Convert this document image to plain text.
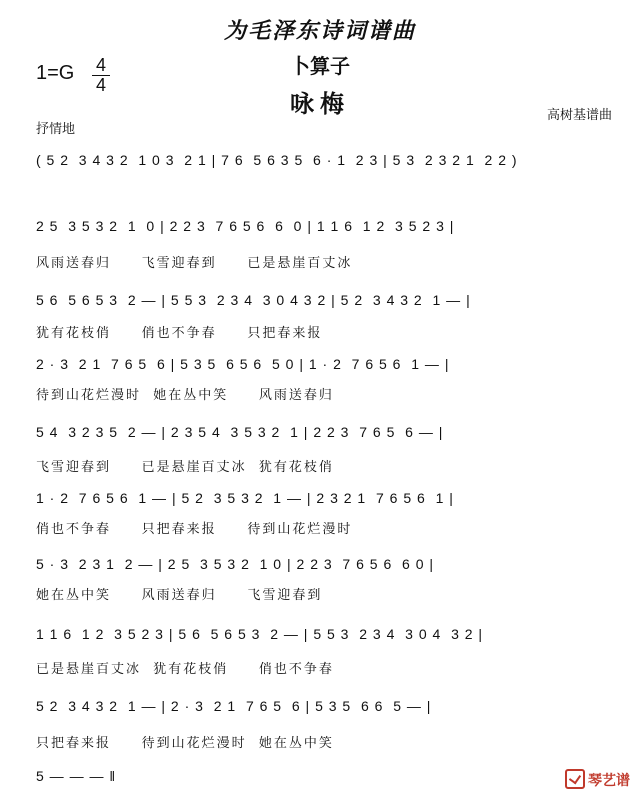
为毛泽东诗词谱曲
卜算子
咏梅
$1=G \frac{4}{4}$
高树基谱曲
抒情地
( 5 2  3 4 3 2  1 0 3  2 1 | 7 6  5 6 3 5  6 · 1  2 3 | 5 3  2 3 2 1  2 2 )
2 5  3 5 3 2  1  0 | 2 2 3  7 6 5 6  6  0 | 1 1 6  1 2  3 5 2 3 |
风雨送春归     飞雪迎春到     已是悬崖百丈冰
5 6  5 6 5 3  2 — | 5 5 3  2 3 4  3 0 4 3 2 | 5 2  3 4 3 2  1 — |
犹有花枝俏     俏也不争春     只把春来报
2 · 3  2 1  7 6 5  6 | 5 3 5  6 5 6  5 0 | 1 · 2  7 6 5 6  1 — |
待到山花烂漫时  她在丛中笑     风雨送春归
5 4  3 2 3 5  2 — | 2 3 5 4  3 5 3 2  1 | 2 2 3  7 6 5  6 — |
飞雪迎春到     已是悬崖百丈冰  犹有花枝俏
1 · 2  7 6 5 6  1 — | 5 2  3 5 3 2  1 — | 2 3 2 1  7 6 5 6  1 |
俏也不争春     只把春来报     待到山花烂漫时
5 · 3  2 3 1  2 — | 2 5  3 5 3 2  1 0 | 2 2 3  7 6 5 6  6 0 |
她在丛中笑     风雨送春归     飞雪迎春到
1 1 6  1 2  3 5 2 3 | 5 6  5 6 5 3  2 — | 5 5 3  2 3 4  3 0 4  3 2 |
已是悬崖百丈冰  犹有花枝俏     俏也不争春
5 2  3 4 3 2  1 — | 2 · 3  2 1  7 6 5  6 | 5 3 5  6 6  5 — |
只把春来报     待到山花烂漫时  她在丛中笑
5 — — — ‖	琴艺谱
